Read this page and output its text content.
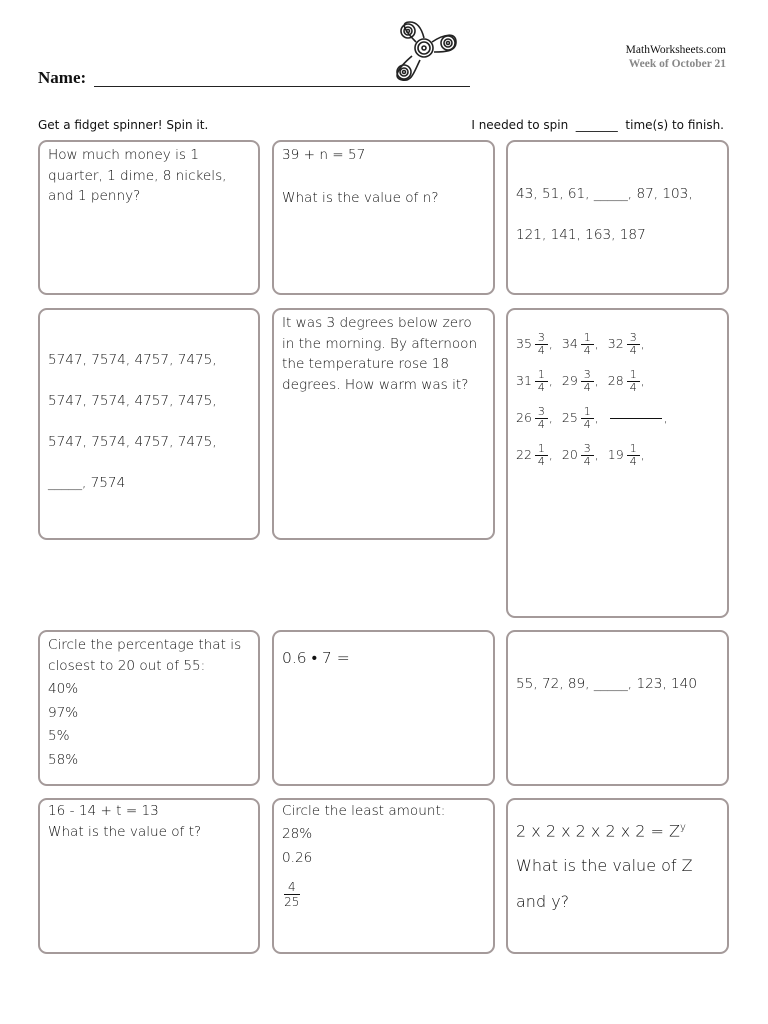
Name:
MathWorksheets.com
Week of October 21
Get a fidget spinner! Spin it.	I needed to spin  _______  time(s) to finish.

How much money is 1 quarter, 1 dime, 8 nickels, and 1 penny?

39 + n = 57

What is the value of n?	43, 51, 61, _____, 87, 103,

121, 141, 163, 187

5747, 7574, 4757, 7475,

5747, 7574, 4757, 7475,

5747, 7574, 4757, 7475,

_____, 7574

It was 3 degrees below zero in the morning. By afternoon the temperature rose 18 degrees. How warm was it?

$35 \frac{3}{4}$ , $34 \frac{1}{4}$ , $32 \frac{3}{4}$ ,

$31 \frac{1}{4}$ , $29 \frac{3}{4}$ , $28 \frac{1}{4}$ ,

$26 \frac{3}{4}$ , $25 \frac{1}{4}$ ,	,

$22 \frac{1}{4}$ , $20 \frac{3}{4}$ , $19 \frac{1}{4}$ ,

Circle the percentage that is closest to 20 out of 55:

40%

97%

5%

58%

0.6 • 7 =

55, 72, 89, _____, 123, 140

16 - 14 + t = 13

What is the value of t?

Circle the least amount:

28%

0.26

$\frac{4}{25}$

2 x 2 x 2 x 2 x $2 = Z^y$

What is the value of Z

and y?
